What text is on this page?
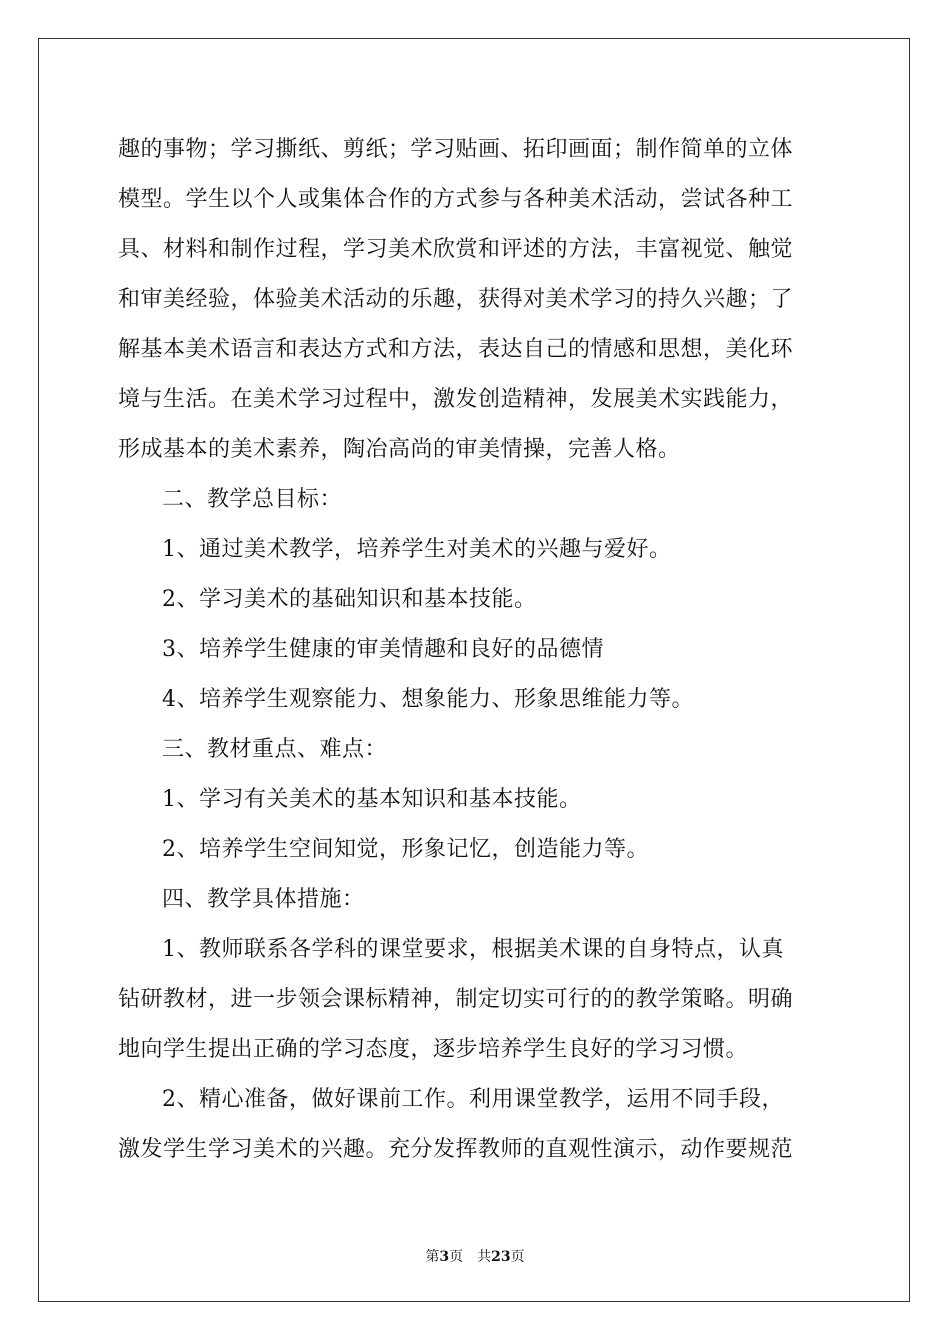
趣的事物；学习撕纸、剪纸；学习贴画、拓印画面；制作简单的立体
模型。学生以个人或集体合作的方式参与各种美术活动，尝试各种工
具、材料和制作过程，学习美术欣赏和评述的方法，丰富视觉、触觉
和审美经验，体验美术活动的乐趣，获得对美术学习的持久兴趣；了
解基本美术语言和表达方式和方法，表达自己的情感和思想，美化环
境与生活。在美术学习过程中，激发创造精神，发展美术实践能力，
形成基本的美术素养，陶冶高尚的审美情操，完善人格。
二、教学总目标：
1、通过美术教学，培养学生对美术的兴趣与爱好。
2、学习美术的基础知识和基本技能。
3、培养学生健康的审美情趣和良好的品德情
4、培养学生观察能力、想象能力、形象思维能力等。
三、教材重点、难点：
1、学习有关美术的基本知识和基本技能。
2、培养学生空间知觉，形象记忆，创造能力等。
四、教学具体措施：
1、教师联系各学科的课堂要求，根据美术课的自身特点，认真
钻研教材，进一步领会课标精神，制定切实可行的的教学策略。明确
地向学生提出正确的学习态度，逐步培养学生良好的学习习惯。
2、精心准备，做好课前工作。利用课堂教学，运用不同手段，
激发学生学习美术的兴趣。充分发挥教师的直观性演示，动作要规范
第3页 共23页
